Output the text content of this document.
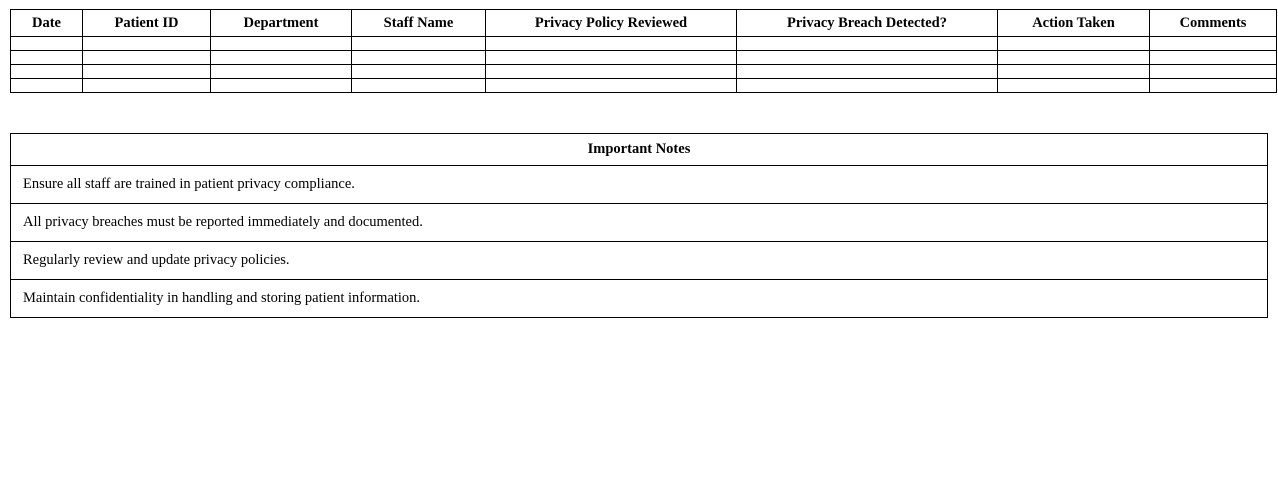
Date	Patient ID	Department	Staff Name	Privacy Policy Reviewed	Privacy Breach Detected?	Action Taken	Comments

Important Notes
Ensure all staff are trained in patient privacy compliance.
All privacy breaches must be reported immediately and documented.
Regularly review and update privacy policies.
Maintain confidentiality in handling and storing patient information.
